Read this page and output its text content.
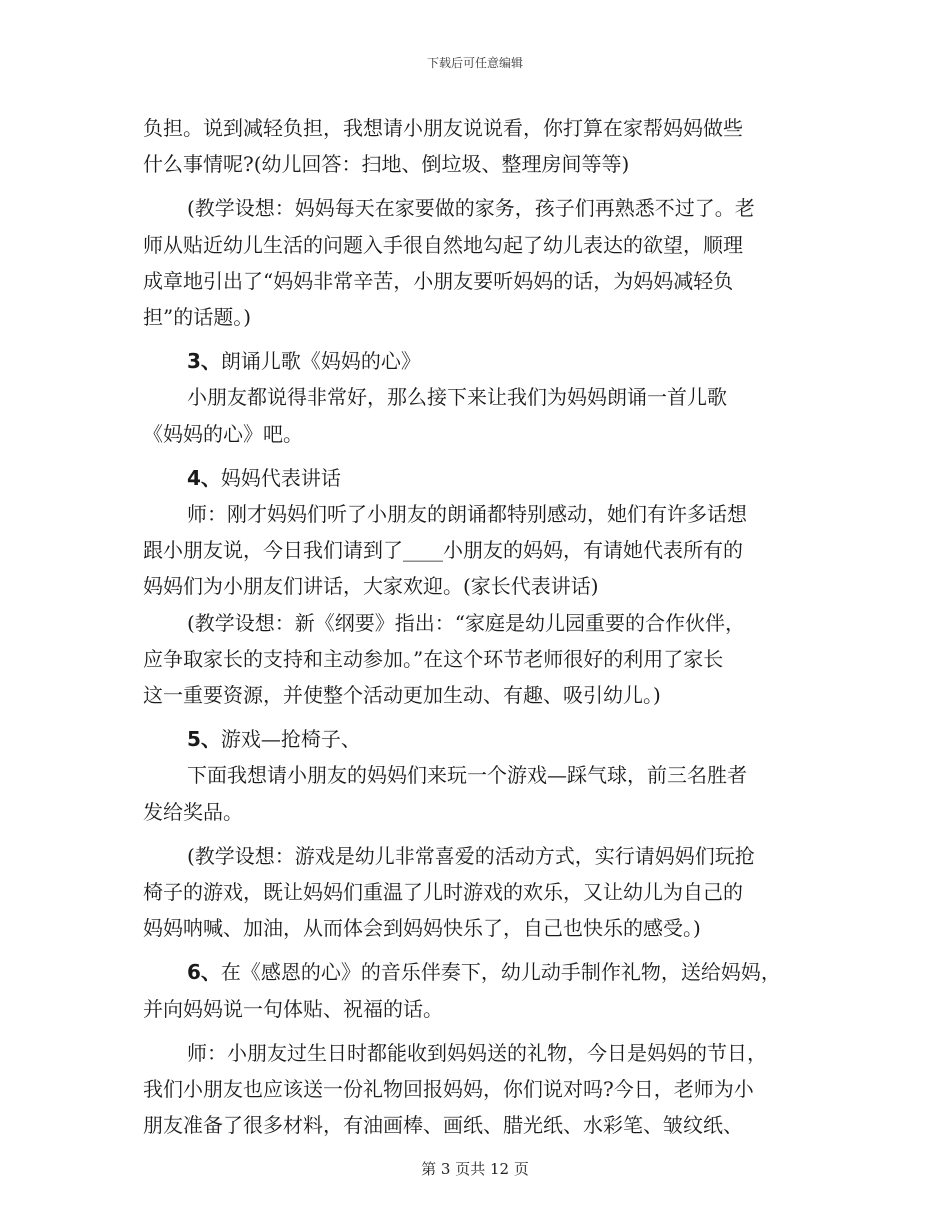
下载后可任意编辑

负担。说到减轻负担，我想请小朋友说说看，你打算在家帮妈妈做些

什么事情呢?(幼儿回答：扫地、倒垃圾、整理房间等等)

(教学设想：妈妈每天在家要做的家务，孩子们再熟悉不过了。老

师从贴近幼儿生活的问题入手很自然地勾起了幼儿表达的欲望，顺理

成章地引出了“妈妈非常辛苦，小朋友要听妈妈的话，为妈妈减轻负

担”的话题。)

3、朗诵儿歌《妈妈的心》

小朋友都说得非常好，那么接下来让我们为妈妈朗诵一首儿歌

《妈妈的心》吧。

4、妈妈代表讲话

师：刚才妈妈们听了小朋友的朗诵都特别感动，她们有许多话想

跟小朋友说，今日我们请到了____小朋友的妈妈，有请她代表所有的

妈妈们为小朋友们讲话，大家欢迎。(家长代表讲话)

(教学设想：新《纲要》指出：“家庭是幼儿园重要的合作伙伴，

应争取家长的支持和主动参加。”在这个环节老师很好的利用了家长

这一重要资源，并使整个活动更加生动、有趣、吸引幼儿。)

5、游戏—抢椅子、

下面我想请小朋友的妈妈们来玩一个游戏—踩气球，前三名胜者

发给奖品。

(教学设想：游戏是幼儿非常喜爱的活动方式，实行请妈妈们玩抢

椅子的游戏，既让妈妈们重温了儿时游戏的欢乐，又让幼儿为自己的

妈妈呐喊、加油，从而体会到妈妈快乐了，自己也快乐的感受。)

6、在《感恩的心》的音乐伴奏下，幼儿动手制作礼物，送给妈妈，

并向妈妈说一句体贴、祝福的话。

师：小朋友过生日时都能收到妈妈送的礼物，今日是妈妈的节日，

我们小朋友也应该送一份礼物回报妈妈，你们说对吗?今日，老师为小

朋友准备了很多材料，有油画棒、画纸、腊光纸、水彩笔、皱纹纸、

第 3 页共 12 页
